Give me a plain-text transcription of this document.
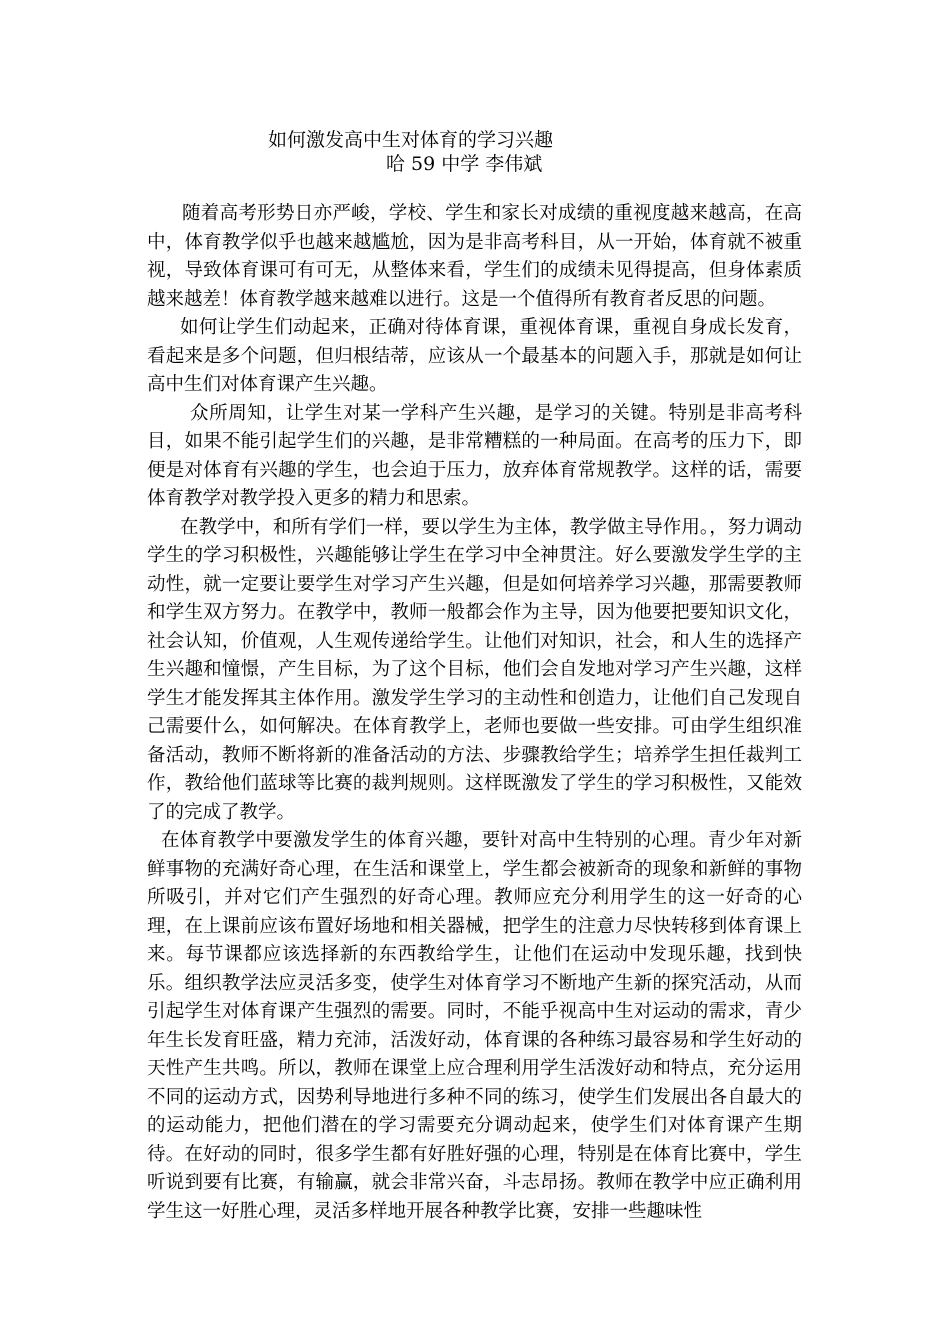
如何激发高中生对体育的学习兴趣
哈 59 中学 李伟斌

随着高考形势日亦严峻，学校、学生和家长对成绩的重视度越来越高，在高中，体育教学似乎也越来越尴尬，因为是非高考科目，从一开始，体育就不被重视，导致体育课可有可无，从整体来看，学生们的成绩未见得提高，但身体素质越来越差！体育教学越来越难以进行。这是一个值得所有教育者反思的问题。

如何让学生们动起来，正确对待体育课，重视体育课，重视自身成长发育，看起来是多个问题，但归根结蒂，应该从一个最基本的问题入手，那就是如何让高中生们对体育课产生兴趣。

众所周知，让学生对某一学科产生兴趣，是学习的关键。特别是非高考科目，如果不能引起学生们的兴趣，是非常糟糕的一种局面。在高考的压力下，即便是对体育有兴趣的学生，也会迫于压力，放弃体育常规教学。这样的话，需要体育教学对教学投入更多的精力和思索。

在教学中，和所有学们一样，要以学生为主体，教学做主导作用。，努力调动学生的学习积极性，兴趣能够让学生在学习中全神贯注。好么要激发学生学的主动性，就一定要让要学生对学习产生兴趣，但是如何培养学习兴趣，那需要教师和学生双方努力。在教学中，教师一般都会作为主导，因为他要把要知识文化，社会认知，价值观，人生观传递给学生。让他们对知识，社会，和人生的选择产生兴趣和憧憬，产生目标，为了这个目标，他们会自发地对学习产生兴趣，这样学生才能发挥其主体作用。激发学生学习的主动性和创造力，让他们自己发现自己需要什么，如何解决。在体育教学上，老师也要做一些安排。可由学生组织准备活动，教师不断将新的准备活动的方法、步骤教给学生；培养学生担任裁判工作，教给他们蓝球等比赛的裁判规则。这样既激发了学生的学习积极性，又能效了的完成了教学。

在体育教学中要激发学生的体育兴趣，要针对高中生特别的心理。青少年对新鲜事物的充满好奇心理，在生活和课堂上，学生都会被新奇的现象和新鲜的事物所吸引，并对它们产生强烈的好奇心理。教师应充分利用学生的这一好奇的心理，在上课前应该布置好场地和相关器械，把学生的注意力尽快转移到体育课上来。每节课都应该选择新的东西教给学生，让他们在运动中发现乐趣，找到快乐。组织教学法应灵活多变，使学生对体育学习不断地产生新的探究活动，从而引起学生对体育课产生强烈的需要。同时，不能乎视高中生对运动的需求，青少年生长发育旺盛，精力充沛，活泼好动，体育课的各种练习最容易和学生好动的天性产生共鸣。所以，教师在课堂上应合理利用学生活泼好动和特点，充分运用不同的运动方式，因势利导地进行多种不同的练习，使学生们发展出各自最大的的运动能力，把他们潜在的学习需要充分调动起来，使学生们对体育课产生期待。在好动的同时，很多学生都有好胜好强的心理，特别是在体育比赛中，学生听说到要有比赛，有输赢，就会非常兴奋，斗志昂扬。教师在教学中应正确利用学生这一好胜心理，灵活多样地开展各种教学比赛，安排一些趣味性
